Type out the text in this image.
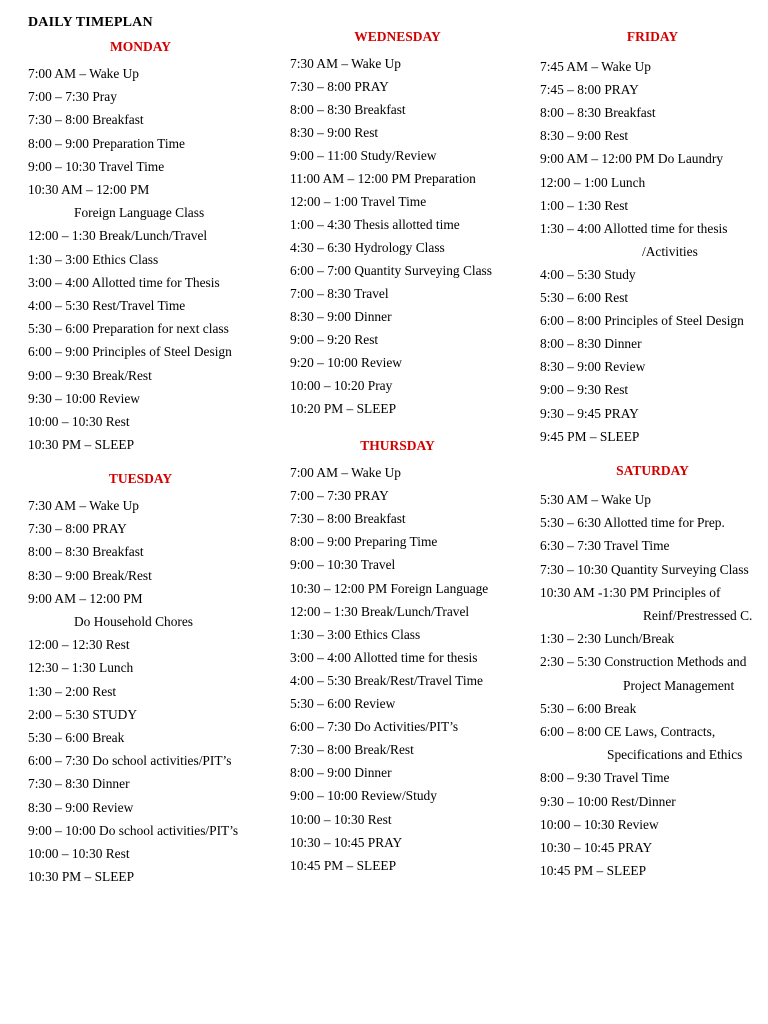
DAILY TIMEPLAN
MONDAY
7:00 AM – Wake Up
7:00 – 7:30 Pray
7:30 – 8:00 Breakfast
8:00 – 9:00 Preparation Time
9:00 – 10:30 Travel Time
10:30 AM – 12:00 PM
Foreign Language Class
12:00 – 1:30 Break/Lunch/Travel
1:30 – 3:00 Ethics Class
3:00 – 4:00 Allotted time for Thesis
4:00 – 5:30 Rest/Travel Time
5:30 – 6:00 Preparation for next class
6:00 – 9:00 Principles of Steel Design
9:00 – 9:30 Break/Rest
9:30 – 10:00 Review
10:00 – 10:30 Rest
10:30 PM – SLEEP
TUESDAY
7:30 AM – Wake Up
7:30 – 8:00 PRAY
8:00 – 8:30 Breakfast
8:30 – 9:00 Break/Rest
9:00 AM – 12:00 PM
Do Household Chores
12:00 – 12:30 Rest
12:30 – 1:30 Lunch
1:30 – 2:00 Rest
2:00 – 5:30 STUDY
5:30 – 6:00 Break
6:00 – 7:30 Do school activities/PIT’s
7:30 – 8:30 Dinner
8:30 – 9:00 Review
9:00 – 10:00 Do school activities/PIT’s
10:00 – 10:30 Rest
10:30 PM – SLEEP
WEDNESDAY
7:30 AM – Wake Up
7:30 – 8:00 PRAY
8:00 – 8:30 Breakfast
8:30 – 9:00 Rest
9:00 – 11:00 Study/Review
11:00 AM – 12:00 PM Preparation
12:00 – 1:00 Travel Time
1:00 – 4:30 Thesis allotted time
4:30 – 6:30 Hydrology Class
6:00 – 7:00 Quantity Surveying Class
7:00 – 8:30 Travel
8:30 – 9:00 Dinner
9:00 – 9:20 Rest
9:20 – 10:00 Review
10:00 – 10:20 Pray
10:20 PM – SLEEP
THURSDAY
7:00 AM – Wake Up
7:00 – 7:30 PRAY
7:30 – 8:00 Breakfast
8:00 – 9:00 Preparing Time
9:00 – 10:30 Travel
10:30 – 12:00 PM Foreign Language
12:00 – 1:30 Break/Lunch/Travel
1:30 – 3:00 Ethics Class
3:00 – 4:00 Allotted time for thesis
4:00 – 5:30 Break/Rest/Travel Time
5:30 – 6:00 Review
6:00 – 7:30 Do Activities/PIT’s
7:30 – 8:00 Break/Rest
8:00 – 9:00 Dinner
9:00 – 10:00 Review/Study
10:00 – 10:30 Rest
10:30 – 10:45 PRAY
10:45 PM – SLEEP
FRIDAY
7:45 AM – Wake Up
7:45 – 8:00 PRAY
8:00 – 8:30 Breakfast
8:30 – 9:00 Rest
9:00 AM – 12:00 PM Do Laundry
12:00 – 1:00 Lunch
1:00 – 1:30 Rest
1:30 – 4:00 Allotted time for thesis
/Activities
4:00 – 5:30 Study
5:30 – 6:00 Rest
6:00 – 8:00 Principles of Steel Design
8:00 – 8:30 Dinner
8:30 – 9:00 Review
9:00 – 9:30 Rest
9:30 – 9:45 PRAY
9:45 PM – SLEEP
SATURDAY
5:30 AM – Wake Up
5:30 – 6:30 Allotted time for Prep.
6:30 – 7:30 Travel Time
7:30 – 10:30 Quantity Surveying Class
10:30 AM -1:30 PM Principles of
Reinf/Prestressed C.
1:30 – 2:30 Lunch/Break
2:30 – 5:30 Construction Methods and
Project Management
5:30 – 6:00 Break
6:00 – 8:00 CE Laws, Contracts,
Specifications and Ethics
8:00 – 9:30 Travel Time
9:30 – 10:00 Rest/Dinner
10:00 – 10:30 Review
10:30 – 10:45 PRAY
10:45 PM – SLEEP
